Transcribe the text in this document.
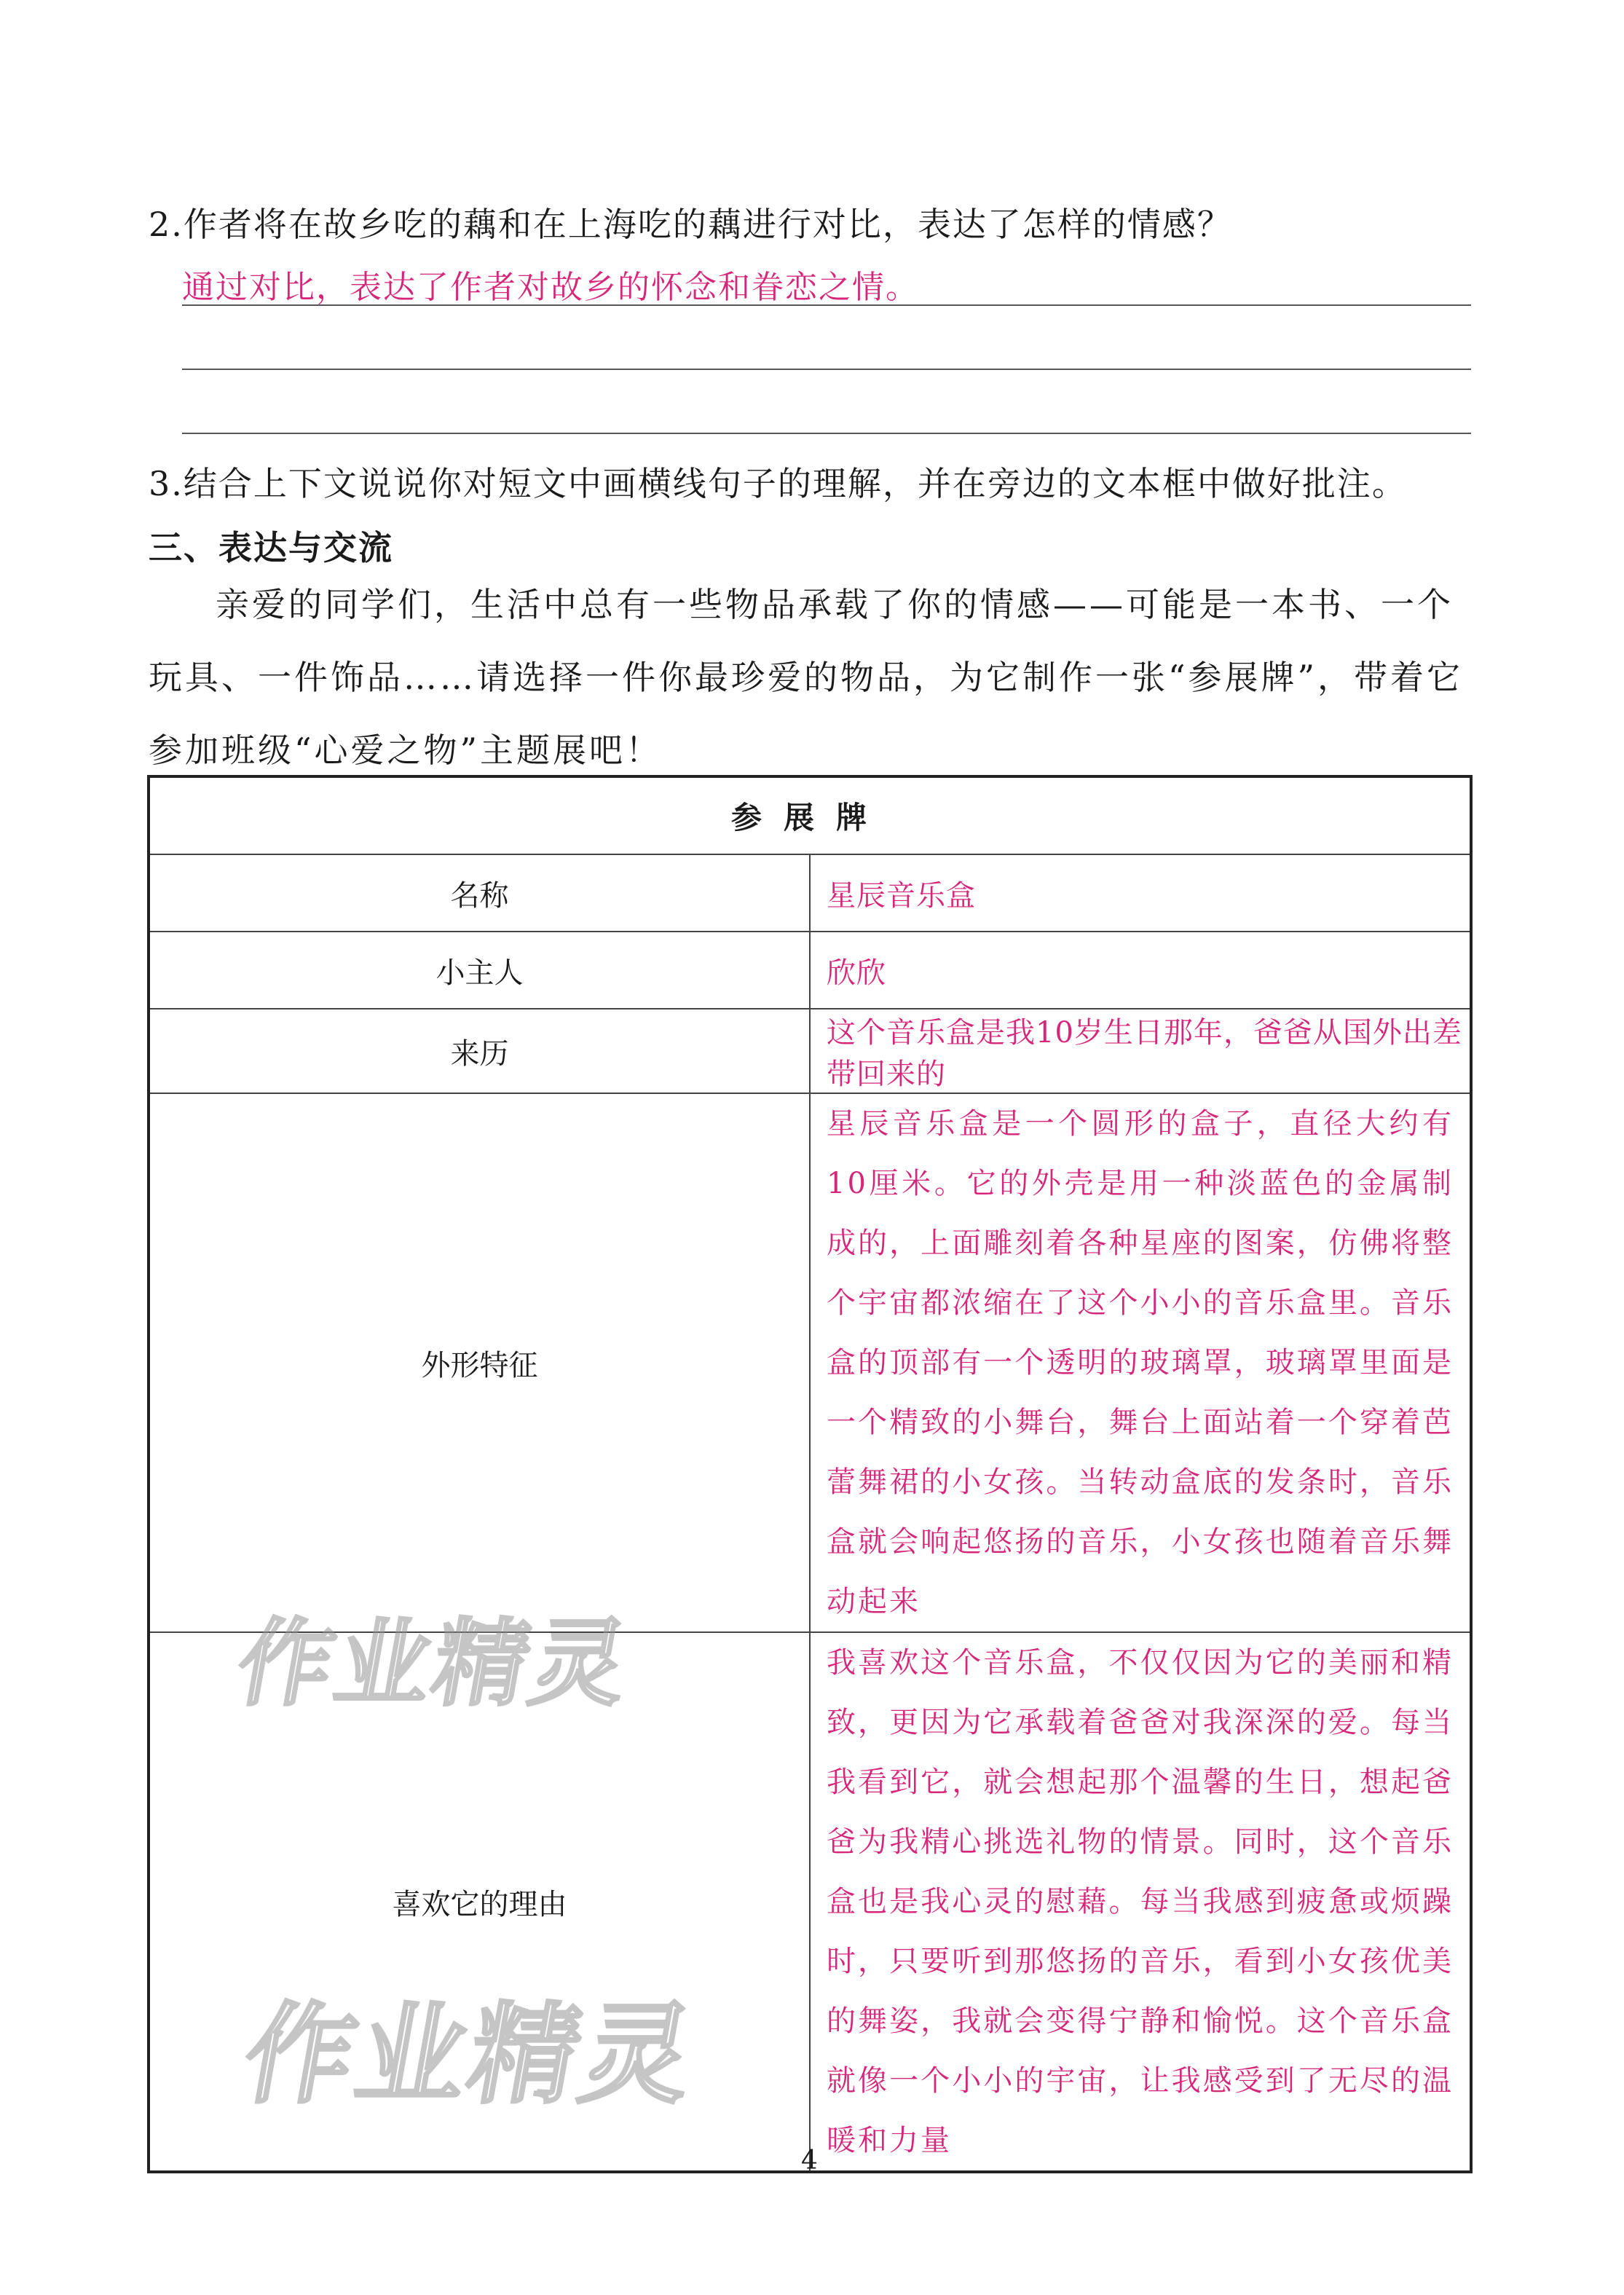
2.作者将在故乡吃的藕和在上海吃的藕进行对比，表达了怎样的情感？
通过对比，表达了作者对故乡的怀念和眷恋之情。
3.结合上下文说说你对短文中画横线句子的理解，并在旁边的文本框中做好批注。
三、表达与交流
亲爱的同学们，生活中总有一些物品承载了你的情感——可能是一本书、一个玩具、一件饰品……请选择一件你最珍爱的物品，为它制作一张“参展牌”，带着它参加班级“心爱之物”主题展吧！
参展牌	
名称	星辰音乐盒
小主人	欣欣
来历	这个音乐盒是我10岁生日那年，爸爸从国外出差带回来的
外形特征	星辰音乐盒是一个圆形的盒子，直径大约有10厘米。它的外壳是用一种淡蓝色的金属制成的，上面雕刻着各种星座的图案，仿佛将整个宇宙都浓缩在了这个小小的音乐盒里。音乐盒的顶部有一个透明的玻璃罩，玻璃罩里面是一个精致的小舞台，舞台上面站着一个穿着芭蕾舞裙的小女孩。当转动盒底的发条时，音乐盒就会响起悠扬的音乐，小女孩也随着音乐舞动起来
喜欢它的理由	我喜欢这个音乐盒，不仅仅因为它的美丽和精致，更因为它承载着爸爸对我深深的爱。每当我看到它，就会想起那个温馨的生日，想起爸爸为我精心挑选礼物的情景。同时，这个音乐盒也是我心灵的慰藉。每当我感到疲惫或烦躁时，只要听到那悠扬的音乐，看到小女孩优美的舞姿，我就会变得宁静和愉悦。这个音乐盒就像一个小小的宇宙，让我感受到了无尽的温暖和力量
作业精灵
作业精灵
4
